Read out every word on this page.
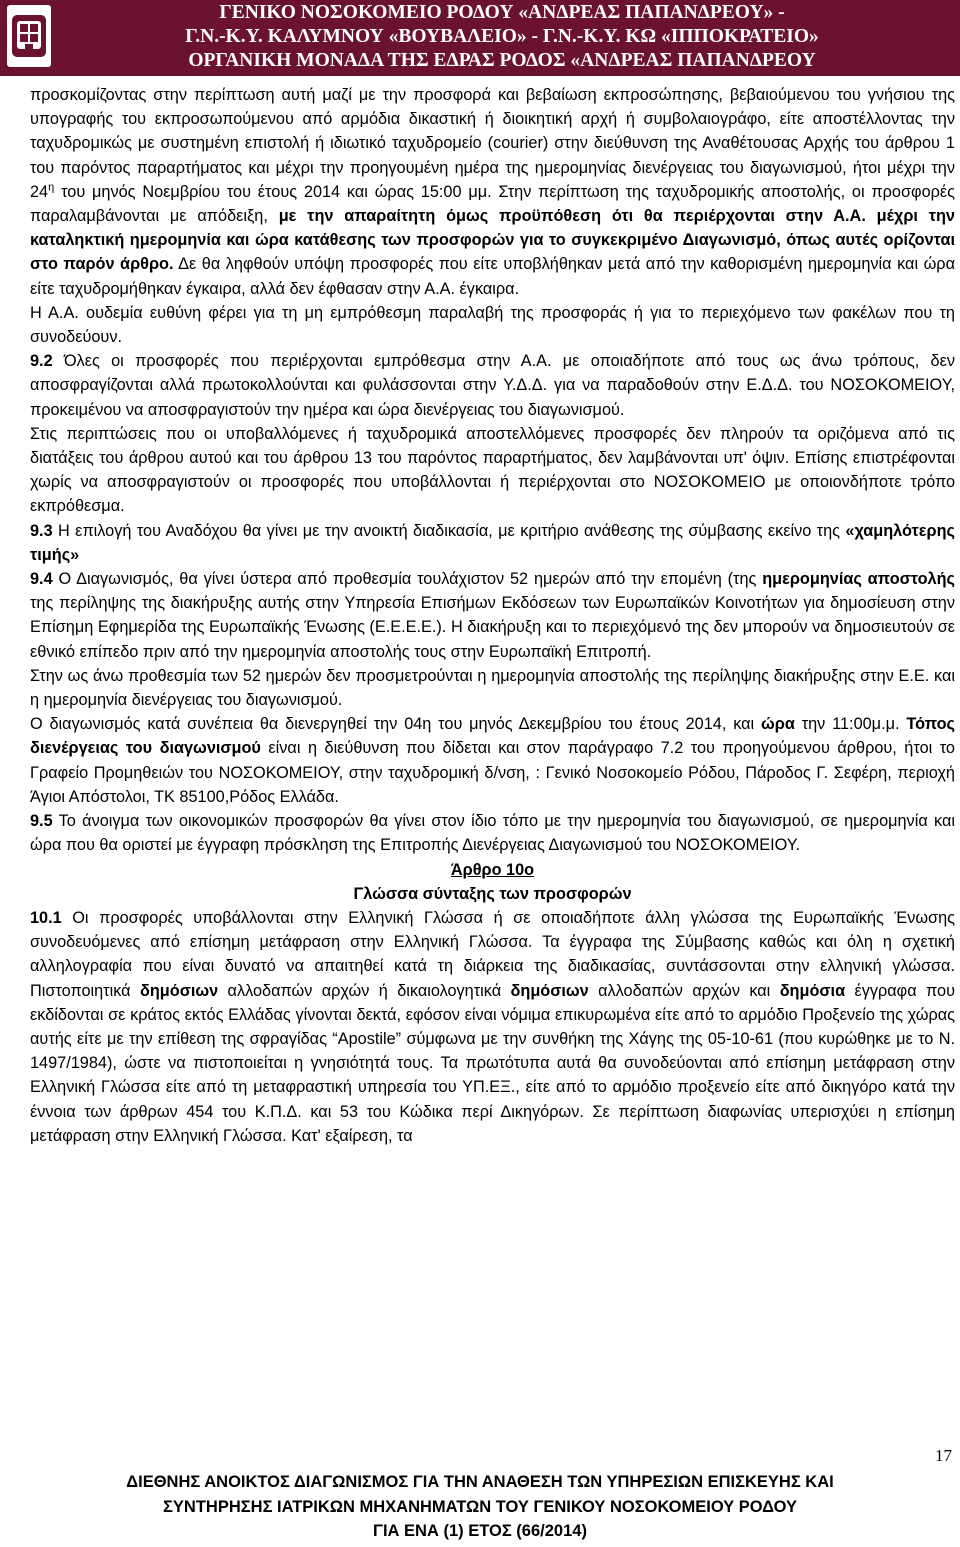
ΓΕΝΙΚΟ ΝΟΣΟΚΟΜΕΙΟ ΡΟΔΟΥ «ΑΝΔΡΕΑΣ ΠΑΠΑΝΔΡΕΟΥ» -
Γ.Ν.-Κ.Υ. ΚΑΛΥΜΝΟΥ «ΒΟΥΒΑΛΕΙΟ» - Γ.Ν.-Κ.Υ. ΚΩ «ΙΠΠΟΚΡΑΤΕΙΟ»
ΟΡΓΑΝΙΚΗ ΜΟΝΑΔΑ ΤΗΣ ΕΔΡΑΣ ΡΟΔΟΣ «ΑΝΔΡΕΑΣ ΠΑΠΑΝΔΡΕΟΥ

προσκομίζοντας στην περίπτωση αυτή μαζί με την προσφορά και βεβαίωση εκπροσώπησης, βεβαιούμενου του γνήσιου της υπογραφής του εκπροσωπούμενου από αρμόδια δικαστική ή διοικητική αρχή ή συμβολαιογράφο, είτε αποστέλλοντας την ταχυδρομικώς με συστημένη επιστολή ή ιδιωτικό ταχυδρομείο (courier) στην διεύθυνση της Αναθέτουσας Αρχής του άρθρου 1 του παρόντος παραρτήματος και μέχρι την προηγουμένη ημέρα της ημερομηνίας διενέργειας του διαγωνισμού, ήτοι μέχρι την $24^\eta$ του μηνός Νοεμβρίου του έτους 2014 και ώρας 15:00 μμ. Στην περίπτωση της ταχυδρομικής αποστολής, οι προσφορές παραλαμβάνονται με απόδειξη, με την απαραίτητη όμως προϋπόθεση ότι θα περιέρχονται στην Α.Α. μέχρι την καταληκτική ημερομηνία και ώρα κατάθεσης των προσφορών για το συγκεκριμένο Διαγωνισμό, όπως αυτές ορίζονται στο παρόν άρθρο. Δε θα ληφθούν υπόψη προσφορές που είτε υποβλήθηκαν μετά από την καθορισμένη ημερομηνία και ώρα είτε ταχυδρομήθηκαν έγκαιρα, αλλά δεν έφθασαν στην Α.Α. έγκαιρα.

Η Α.Α. ουδεμία ευθύνη φέρει για τη μη εμπρόθεσμη παραλαβή της προσφοράς ή για το περιεχόμενο των φακέλων που τη συνοδεύουν.

9.2 Όλες οι προσφορές που περιέρχονται εμπρόθεσμα στην Α.Α. με οποιαδήποτε από τους ως άνω τρόπους, δεν αποσφραγίζονται αλλά πρωτοκολλούνται και φυλάσσονται στην Υ.Δ.Δ. για να παραδοθούν στην Ε.Δ.Δ. του ΝΟΣΟΚΟΜΕΙΟΥ, προκειμένου να αποσφραγιστούν την ημέρα και ώρα διενέργειας του διαγωνισμού.

Στις περιπτώσεις που οι υποβαλλόμενες ή ταχυδρομικά αποστελλόμενες προσφορές δεν πληρούν τα οριζόμενα από τις διατάξεις του άρθρου αυτού και του άρθρου 13 του παρόντος παραρτήματος, δεν λαμβάνονται υπ' όψιν. Επίσης επιστρέφονται χωρίς να αποσφραγιστούν οι προσφορές που υποβάλλονται ή περιέρχονται στο ΝΟΣΟΚΟΜΕΙΟ με οποιονδήποτε τρόπο εκπρόθεσμα.

9.3 Η επιλογή του Αναδόχου θα γίνει με την ανοικτή διαδικασία, με κριτήριο ανάθεσης της σύμβασης εκείνο της «χαμηλότερης τιμής»

9.4 Ο Διαγωνισμός, θα γίνει ύστερα από προθεσμία τουλάχιστον 52 ημερών από την επομένη (της ημερομηνίας αποστολής της περίληψης της διακήρυξης αυτής στην Υπηρεσία Επισήμων Εκδόσεων των Ευρωπαϊκών Κοινοτήτων για δημοσίευση στην Επίσημη Εφημερίδα της Ευρωπαϊκής Ένωσης (Ε.Ε.Ε.Ε.). Η διακήρυξη και το περιεχόμενό της δεν μπορούν να δημοσιευτούν σε εθνικό επίπεδο πριν από την ημερομηνία αποστολής τους στην Ευρωπαϊκή Επιτροπή.

Στην ως άνω προθεσμία των 52 ημερών δεν προσμετρούνται η ημερομηνία αποστολής της περίληψης διακήρυξης στην Ε.Ε. και η ημερομηνία διενέργειας του διαγωνισμού.

Ο διαγωνισμός κατά συνέπεια θα διενεργηθεί την 04η του μηνός Δεκεμβρίου του έτους 2014, και ώρα την 11:00μ.μ. Τόπος διενέργειας του διαγωνισμού είναι η διεύθυνση που δίδεται και στον παράγραφο 7.2 του προηγούμενου άρθρου, ήτοι το Γραφείο Προμηθειών του ΝΟΣΟΚΟΜΕΙΟΥ, στην ταχυδρομική δ/νση, : Γενικό Νοσοκομείο Ρόδου, Πάροδος Γ. Σεφέρη, περιοχή Άγιοι Απόστολοι, ΤΚ 85100,Ρόδος Ελλάδα.

9.5 Το άνοιγμα των οικονομικών προσφορών θα γίνει στον ίδιο τόπο με την ημερομηνία του διαγωνισμού, σε ημερομηνία και ώρα που θα οριστεί με έγγραφη πρόσκληση της Επιτροπής Διενέργειας Διαγωνισμού του ΝΟΣΟΚΟΜΕΙΟΥ.

Άρθρο 10ο

Γλώσσα σύνταξης των προσφορών

10.1 Οι προσφορές υποβάλλονται στην Ελληνική Γλώσσα ή σε οποιαδήποτε άλλη γλώσσα της Ευρωπαϊκής Ένωσης συνοδευόμενες από επίσημη μετάφραση στην Ελληνική Γλώσσα. Τα έγγραφα της Σύμβασης καθώς και όλη η σχετική αλληλογραφία που είναι δυνατό να απαιτηθεί κατά τη διάρκεια της διαδικασίας, συντάσσονται στην ελληνική γλώσσα. Πιστοποιητικά δημόσιων αλλοδαπών αρχών ή δικαιολογητικά δημόσιων αλλοδαπών αρχών και δημόσια έγγραφα που εκδίδονται σε κράτος εκτός Ελλάδας γίνονται δεκτά, εφόσον είναι νόμιμα επικυρωμένα είτε από το αρμόδιο Προξενείο της χώρας αυτής είτε με την επίθεση της σφραγίδας “Apostile” σύμφωνα με την συνθήκη της Χάγης της 05-10-61 (που κυρώθηκε με το Ν. 1497/1984), ώστε να πιστοποιείται η γνησιότητά τους. Τα πρωτότυπα αυτά θα συνοδεύονται από επίσημη μετάφραση στην Ελληνική Γλώσσα είτε από τη μεταφραστική υπηρεσία του ΥΠ.ΕΞ., είτε από το αρμόδιο προξενείο είτε από δικηγόρο κατά την έννοια των άρθρων 454 του Κ.Π.Δ. και 53 του Κώδικα περί Δικηγόρων. Σε περίπτωση διαφωνίας υπερισχύει η επίσημη μετάφραση στην Ελληνική Γλώσσα. Κατ' εξαίρεση, τα

17
ΔΙΕΘΝΗΣ ΑΝΟΙΚΤΟΣ ΔΙΑΓΩΝΙΣΜΟΣ ΓΙΑ ΤΗΝ ΑΝΑΘΕΣΗ ΤΩΝ ΥΠΗΡΕΣΙΩΝ ΕΠΙΣΚΕΥΗΣ ΚΑΙ
ΣΥΝΤΗΡΗΣΗΣ ΙΑΤΡΙΚΩΝ ΜΗΧΑΝΗΜΑΤΩΝ ΤΟΥ ΓΕΝΙΚΟΥ ΝΟΣΟΚΟΜΕΙΟΥ ΡΟΔΟΥ
ΓΙΑ ΕΝΑ (1) ΕΤΟΣ (66/2014)
